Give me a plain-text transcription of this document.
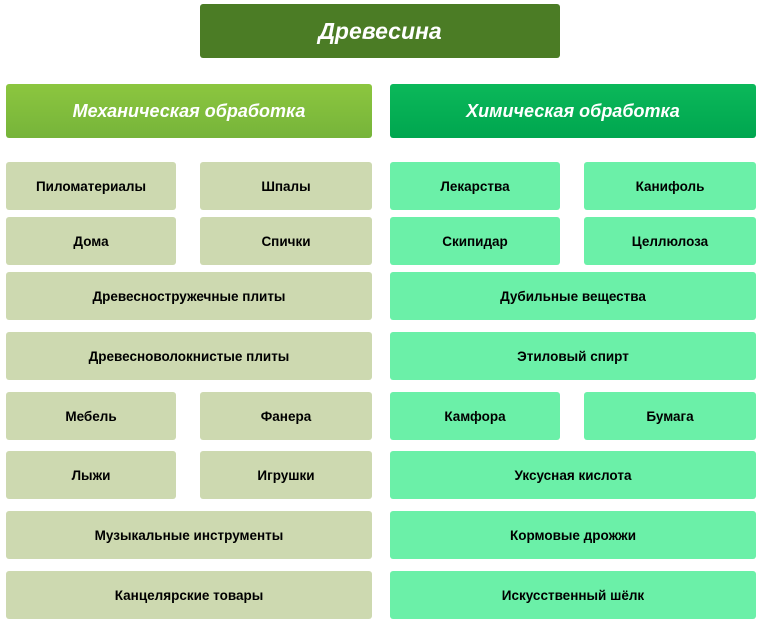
Древесина
Механическая обработка	Химическая обработка
Пиломатериалы	Шпалы
Дома	Спички
Древесностружечные плиты
Древесноволокнистые плиты
Мебель	Фанера
Лыжи	Игрушки
Музыкальные инструменты
Канцелярские товары
Лекарства	Канифоль
Скипидар	Целлюлоза
Дубильные вещества
Этиловый спирт
Камфора	Бумага
Уксусная кислота
Кормовые дрожжи
Искусственный шёлк
